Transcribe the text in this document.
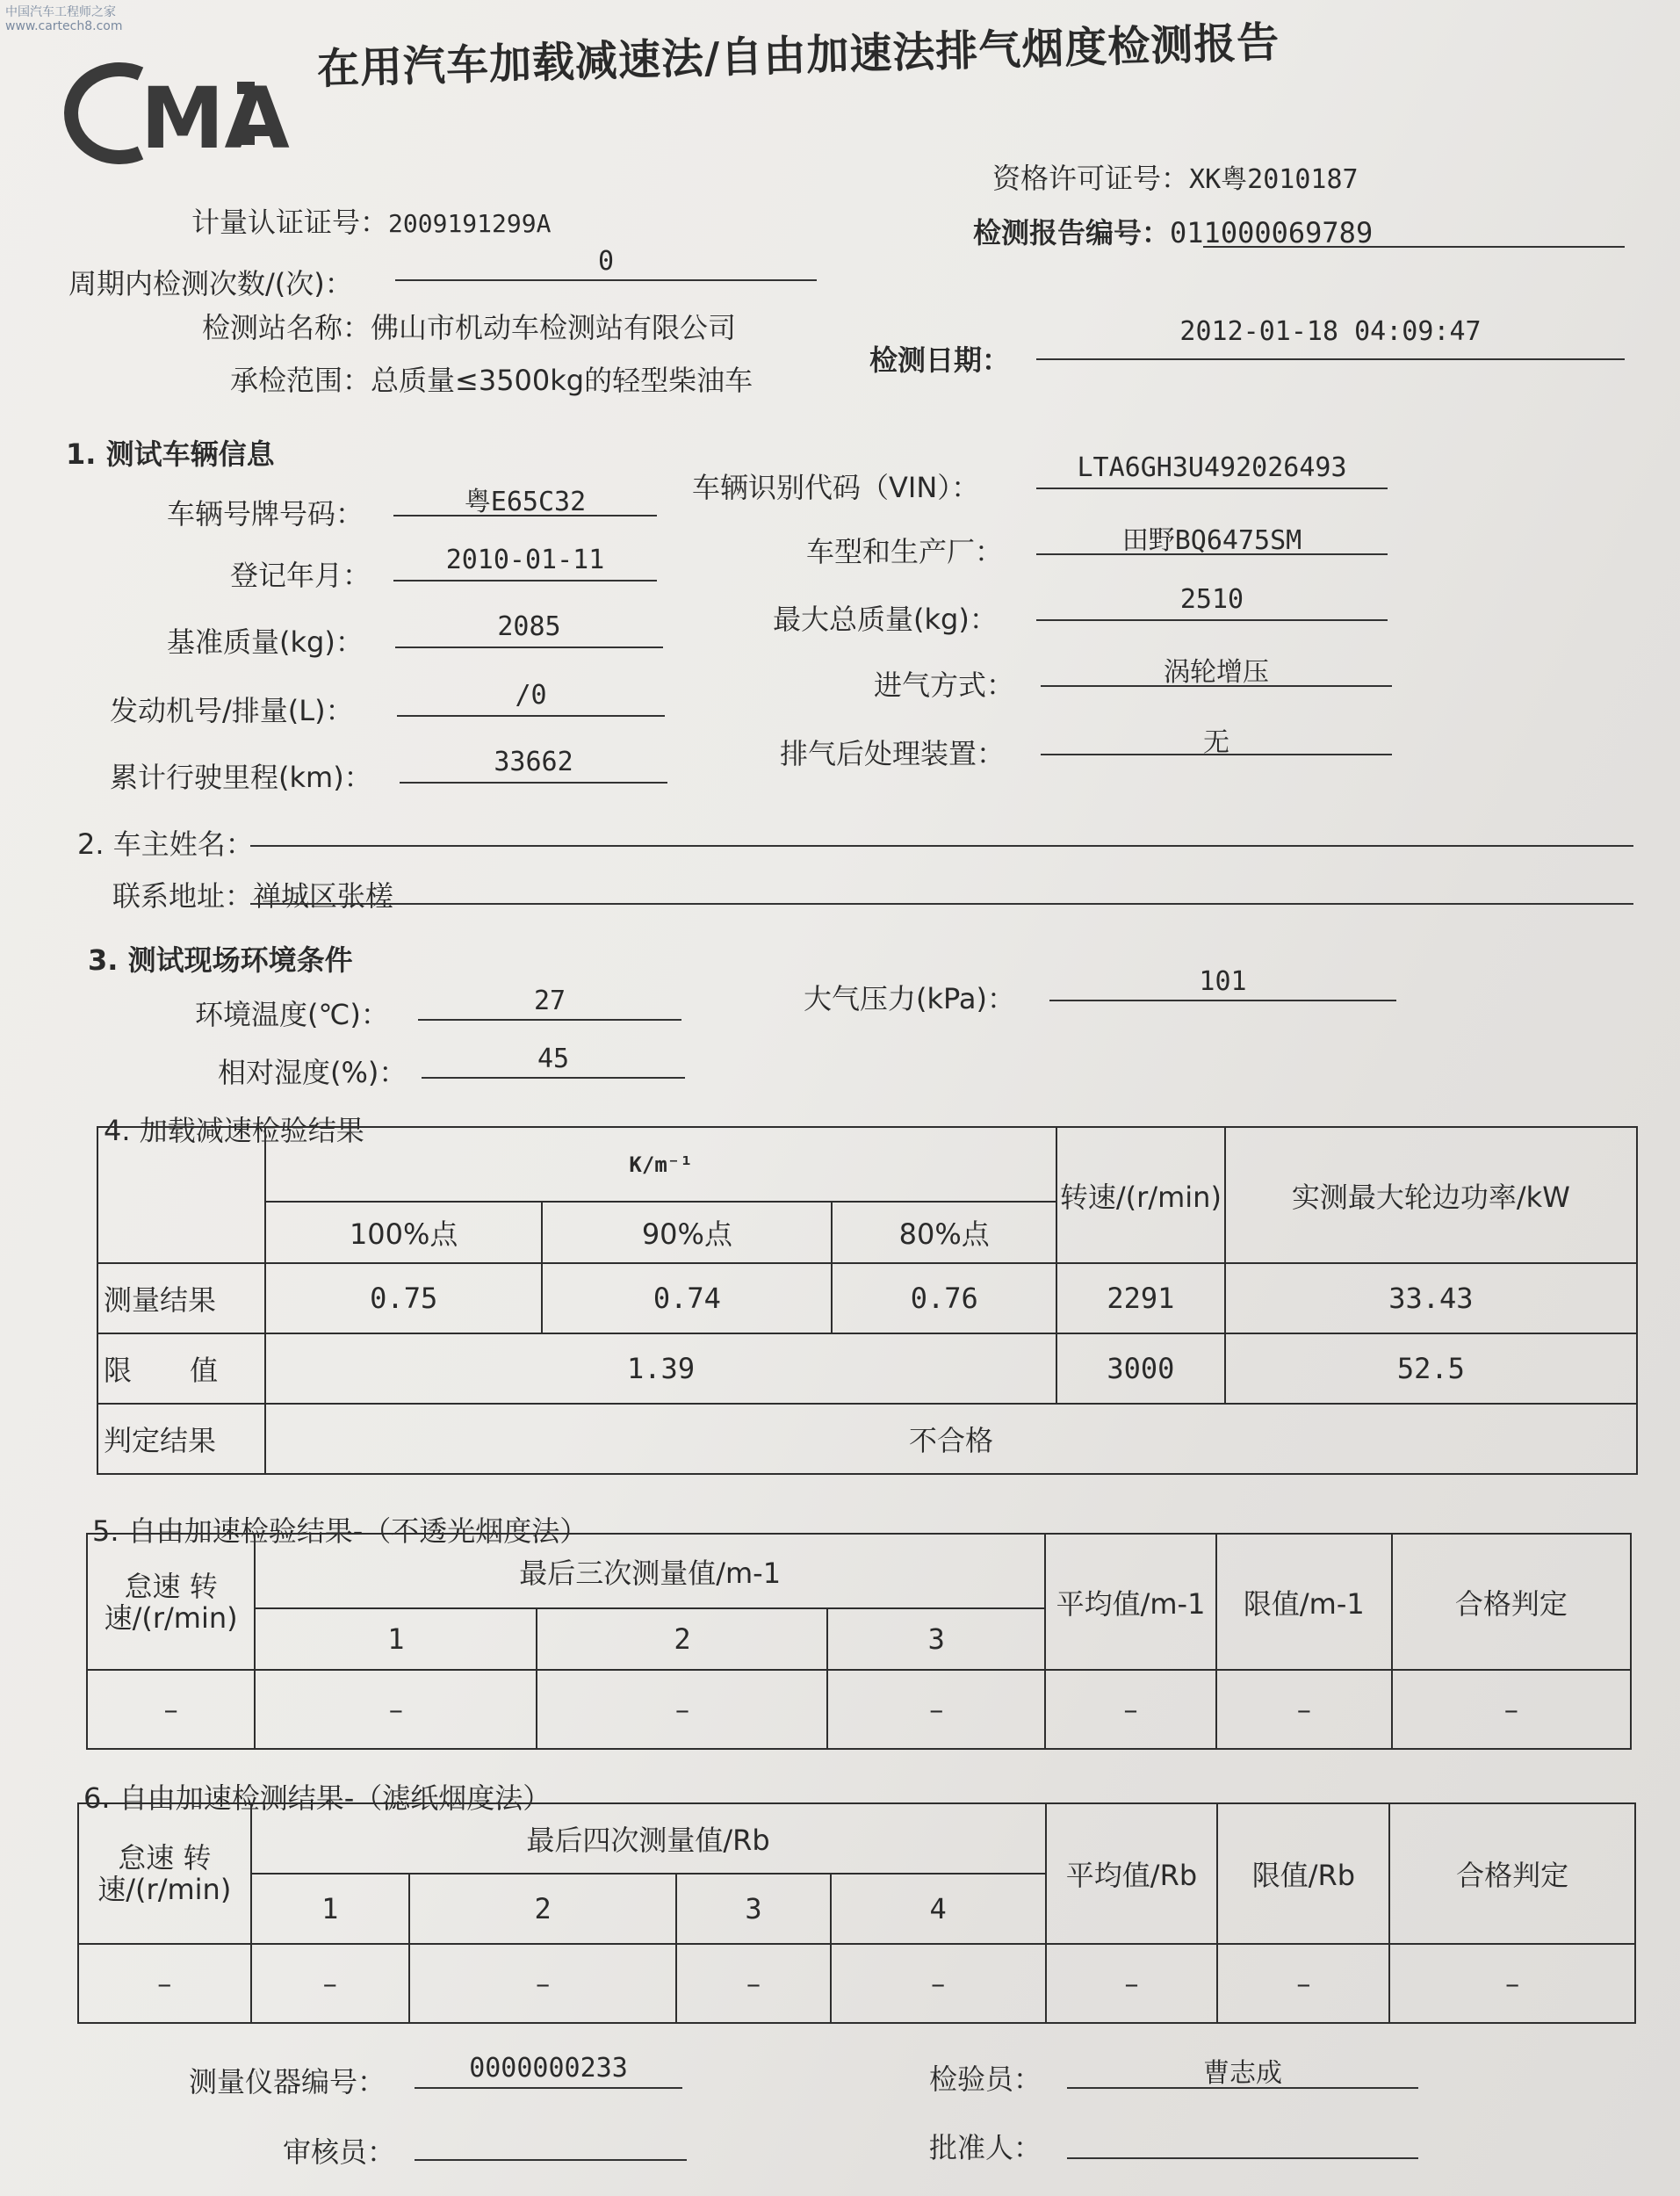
中国汽车工程师之家
www.cartech8.com
MA
在用汽车加载减速法/自由加速法排气烟度检测报告
资格许可证号：XK粤2010187
计量认证证号：2009191299A	检测报告编号：011000069789
周期内检测次数/(次)：
0
检测站名称：佛山市机动车检测站有限公司
承检范围：总质量≤3500kg的轻型柴油车
检测日期：
2012-01-18 04:09:47
1. 测试车辆信息
车辆号牌号码：	粤E65C32	车辆识别代码（VIN）：
LTA6GH3U492026493
登记年月：	2010-01-11	车型和生产厂：	田野BQ6475SM
基准质量(kg)：	2085	最大总质量(kg)：
2510
发动机号/排量(L)：	/0	进气方式：	涡轮增压
累计行驶里程(km)：	33662	排气后处理装置：	无
2. 车主姓名：
联系地址：禅城区张槎
3. 测试现场环境条件
环境温度(℃)：	27	大气压力(kPa)：
101
相对湿度(%)：	45
4. 加载减速检验结果
	K/m⁻¹			转速/(r/min)	实测最大轮边功率/kW
	100%点	90%点	80%点		
测量结果	0.75	0.74	0.76	2291	33.43
限 值	1.39			3000	52.5
判定结果	不合格				
5. 自由加速检验结果-（不透光烟度法）
怠速 转速/(r/min)	最后三次测量值/m-1			平均值/m-1	限值/m-1	合格判定
	1	2	3			
–	–	–	–	–	–	–
6. 自由加速检测结果-（滤纸烟度法）
怠速 转速/(r/min)	最后四次测量值/Rb				平均值/Rb	限值/Rb	合格判定
	1	2	3	4			
–	–	–	–	–	–	–	–
测量仪器编号：	0000000233	检验员：	曹志成
审核员：	批准人：
